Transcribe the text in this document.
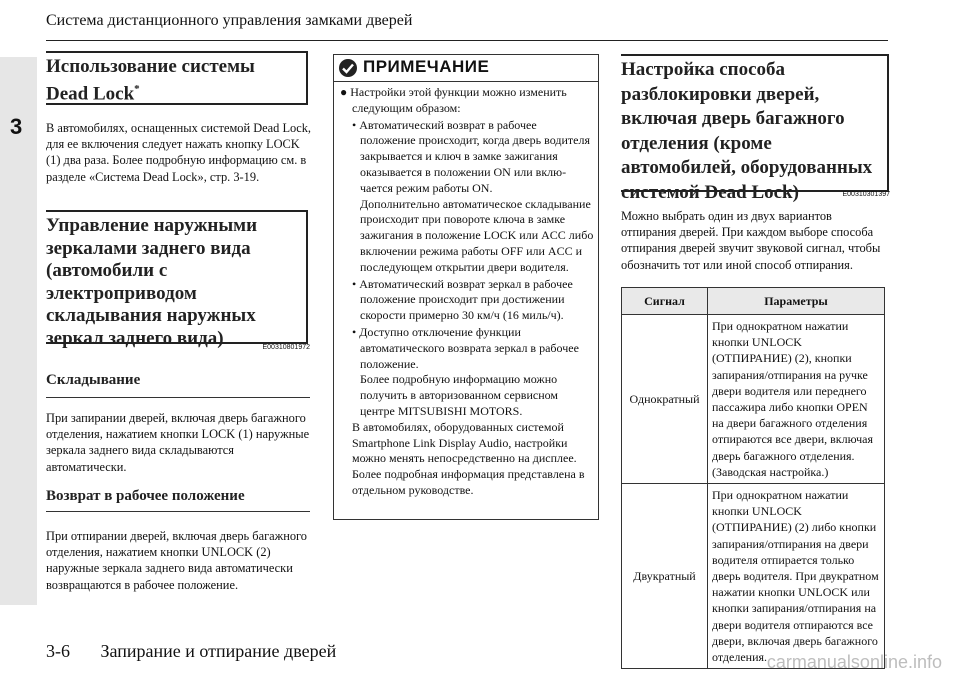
Система дистанционного управления замками дверей
3
Использование системы
Dead Lock*
В автомобилях, оснащенных системой Dead Lock, для ее включения следует нажать кнопку LOCK (1) два раза. Более подробную информацию см. в разделе «Система Dead Lock», стр. 3-19.
Управление наружными зеркалами заднего вида (автомобили с электроприводом складывания наружных зеркал заднего вида)	E00310801972
Складывание
При запирании дверей, включая дверь багажного отделения, нажатием кнопки LOCK (1) наружные зеркала заднего вида складываются автоматически.
Возврат в рабочее положение
При отпирании дверей, включая дверь багажного отделения, нажатием кнопки UNLOCK (2) наружные зеркала заднего вида автоматически возвращаются в рабочее положение.
ПРИМЕЧАНИЕ

● Настройки этой функции можно изменить следующим образом:

• Автоматический возврат в рабочее положение происходит, когда дверь водителя закрывается и ключ в замке зажигания оказывается в положении ON или вклю-чается режим работы ON.

Дополнительно автоматическое складывание происходит при повороте ключа в замке зажигания в положение LOCK или ACC либо включении режима работы OFF или ACC и последующем открытии двери водителя.

• Автоматический возврат зеркал в рабочее положение происходит при достижении скорости примерно 30 км/ч (16 миль/ч).

• Доступно отключение функции автоматического возврата зеркал в рабочее положение.

Более подробную информацию можно получить в авторизованном сервисном центре MITSUBISHI MOTORS.

В автомобилях, оборудованных системой Smartphone Link Display Audio, настройки можно менять непосредственно на дисплее.

Более подробная информация представлена в отдельном руководстве.

Настройка способа разблокировки дверей, включая дверь багажного отделения (кроме автомобилей, оборудованных системой Dead Lock)	E00310301397
Можно выбрать один из двух вариантов отпирания дверей. При каждом выборе способа отпирания дверей звучит звуковой сигнал, чтобы обозначить тот или иной способ отпирания.
Сигнал	Параметры
Однократный	При однократном нажатии кнопки UNLOCK (ОТПИРАНИЕ) (2), кнопки запирания/отпирания на ручке двери водителя или переднего пассажира либо кнопки OPEN на двери багажного отделения отпираются все двери, включая дверь багажного отделения. (Заводская настройка.)
Двукратный	При однократном нажатии кнопки UNLOCK (ОТПИРАНИЕ) (2) либо кнопки запирания/отпирания на двери водителя отпирается только дверь водителя. При двукратном нажатии кнопки UNLOCK или кнопки запирания/отпирания на двери водителя отпираются все двери, включая дверь багажного отделения.
3-6 Запирание и отпирание дверей
carmanualsonline.info
